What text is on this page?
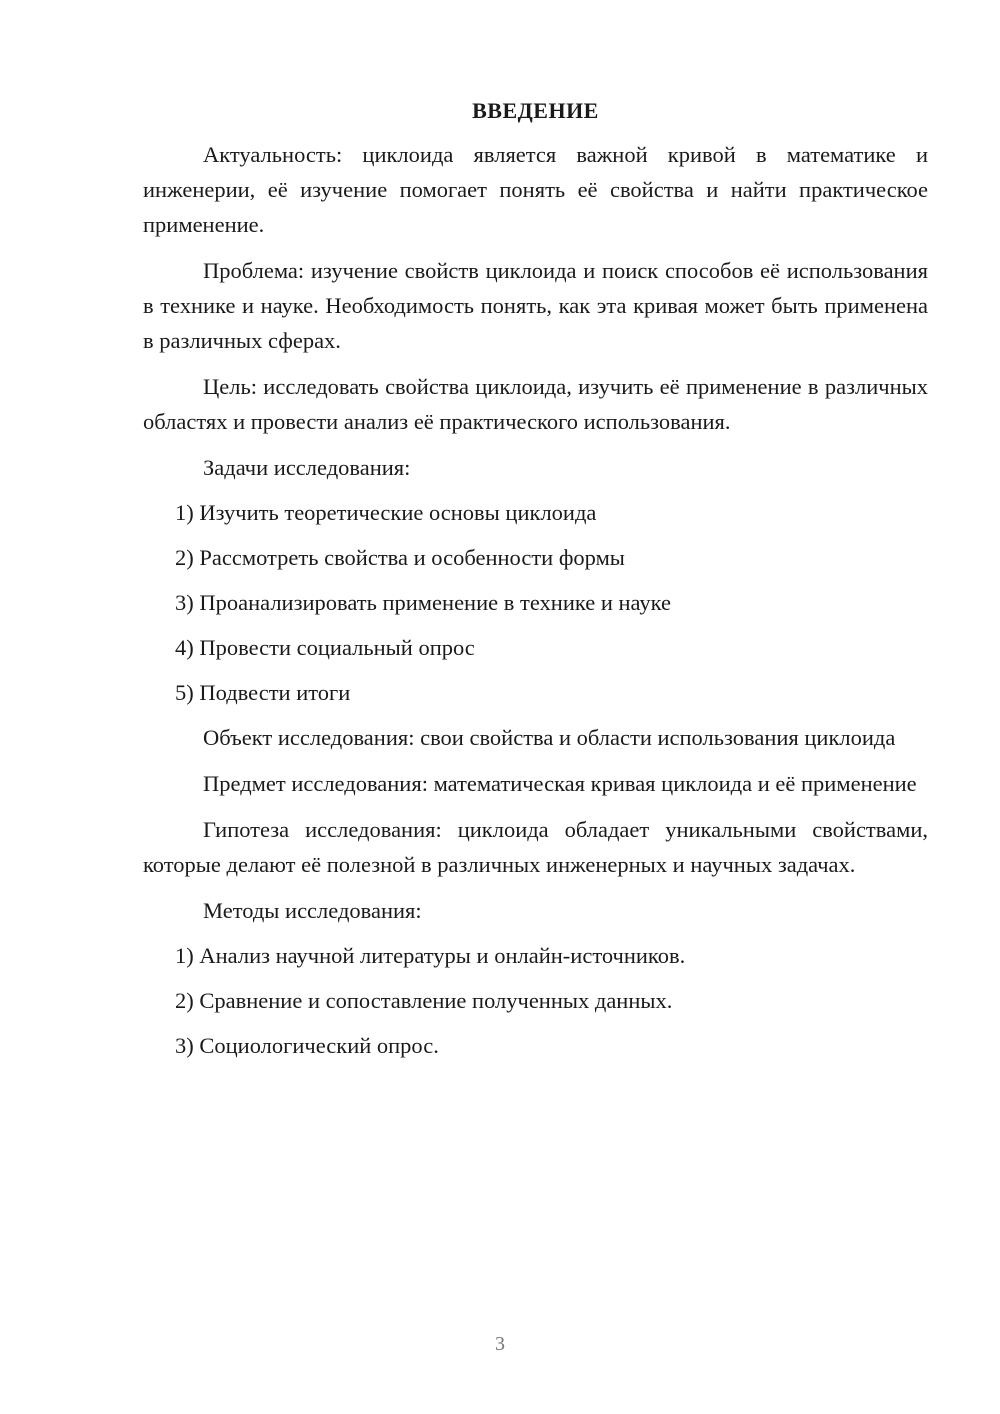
ВВЕДЕНИЕ

Актуальность: циклоида является важной кривой в математике и инженерии, её изучение помогает понять её свойства и найти практическое применение.

Проблема: изучение свойств циклоида и поиск способов её использования в технике и науке. Необходимость понять, как эта кривая может быть применена в различных сферах.

Цель: исследовать свойства циклоида, изучить её применение в различных областях и провести анализ её практического использования.

Задачи исследования:
1) Изучить теоретические основы циклоида
2) Рассмотреть свойства и особенности формы
3) Проанализировать применение в технике и науке
4) Провести социальный опрос
5) Подвести итоги

Объект исследования: свои свойства и области использования циклоида

Предмет исследования: математическая кривая циклоида и её применение

Гипотеза исследования: циклоида обладает уникальными свойствами, которые делают её полезной в различных инженерных и научных задачах.

Методы исследования:
1) Анализ научной литературы и онлайн-источников.
2) Сравнение и сопоставление полученных данных.
3) Социологический опрос.
3
